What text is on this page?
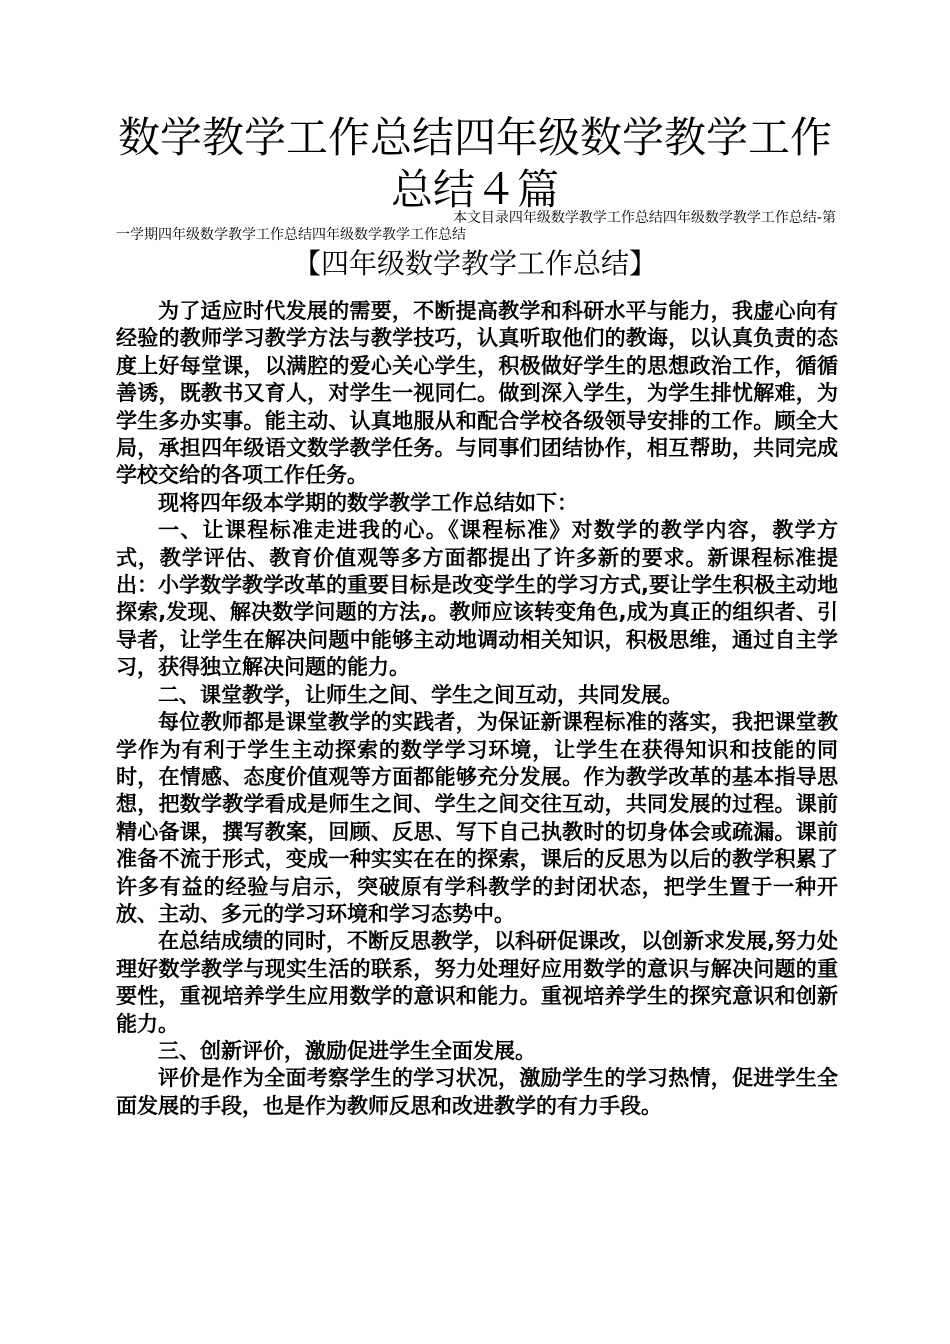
数学教学工作总结四年级数学教学工作总结４篇
本文目录四年级数学教学工作总结四年级数学教学工作总结-第
一学期四年级数学教学工作总结四年级数学教学工作总结
【四年级数学教学工作总结】

为了适应时代发展的需要，不断提高教学和科研水平与能力，我虚心向有经验的教师学习教学方法与教学技巧，认真听取他们的教诲，以认真负责的态度上好每堂课，以满腔的爱心关心学生，积极做好学生的思想政治工作，循循善诱，既教书又育人，对学生一视同仁。做到深入学生，为学生排忧解难，为学生多办实事。能主动、认真地服从和配合学校各级领导安排的工作。顾全大局，承担四年级语文数学教学任务。与同事们团结协作，相互帮助，共同完成学校交给的各项工作任务。

现将四年级本学期的数学教学工作总结如下：

一、让课程标准走进我的心。《课程标准》对数学的教学内容，教学方式，教学评估、教育价值观等多方面都提出了许多新的要求。新课程标准提出：小学数学教学改革的重要目标是改变学生的学习方式,要让学生积极主动地探索,发现、解决数学问题的方法,。教师应该转变角色,成为真正的组织者、引导者，让学生在解决问题中能够主动地调动相关知识，积极思维，通过自主学习，获得独立解决问题的能力。

二、课堂教学，让师生之间、学生之间互动，共同发展。

每位教师都是课堂教学的实践者，为保证新课程标准的落实，我把课堂教学作为有利于学生主动探索的数学学习环境，让学生在获得知识和技能的同时，在情感、态度价值观等方面都能够充分发展。作为教学改革的基本指导思想，把数学教学看成是师生之间、学生之间交往互动，共同发展的过程。课前精心备课，撰写教案，回顾、反思、写下自己执教时的切身体会或疏漏。课前准备不流于形式，变成一种实实在在的探索，课后的反思为以后的教学积累了许多有益的经验与启示，突破原有学科教学的封闭状态，把学生置于一种开放、主动、多元的学习环境和学习态势中。

在总结成绩的同时，不断反思教学，以科研促课改，以创新求发展,努力处理好数学教学与现实生活的联系，努力处理好应用数学的意识与解决问题的重要性，重视培养学生应用数学的意识和能力。重视培养学生的探究意识和创新能力。

三、创新评价，激励促进学生全面发展。

评价是作为全面考察学生的学习状况，激励学生的学习热情，促进学生全面发展的手段，也是作为教师反思和改进教学的有力手段。
